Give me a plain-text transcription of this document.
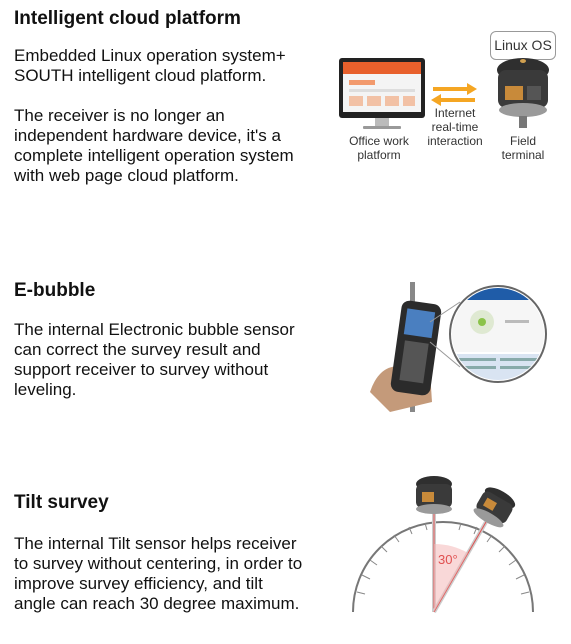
Intelligent cloud platform

Embedded Linux operation system+

SOUTH intelligent cloud platform.

The receiver is no longer an

independent hardware device, it's a

complete intelligent operation system

with web page cloud platform.

Linux OS
Office work
platform
Internet
real-time
interaction	Field
terminal
E-bubble

The internal Electronic bubble sensor

can correct the survey result and

support receiver to survey without

leveling.

Tilt survey

The internal Tilt sensor helps receiver

to survey without centering, in order to

improve survey efficiency, and tilt

angle can reach 30 degree maximum.

30°
